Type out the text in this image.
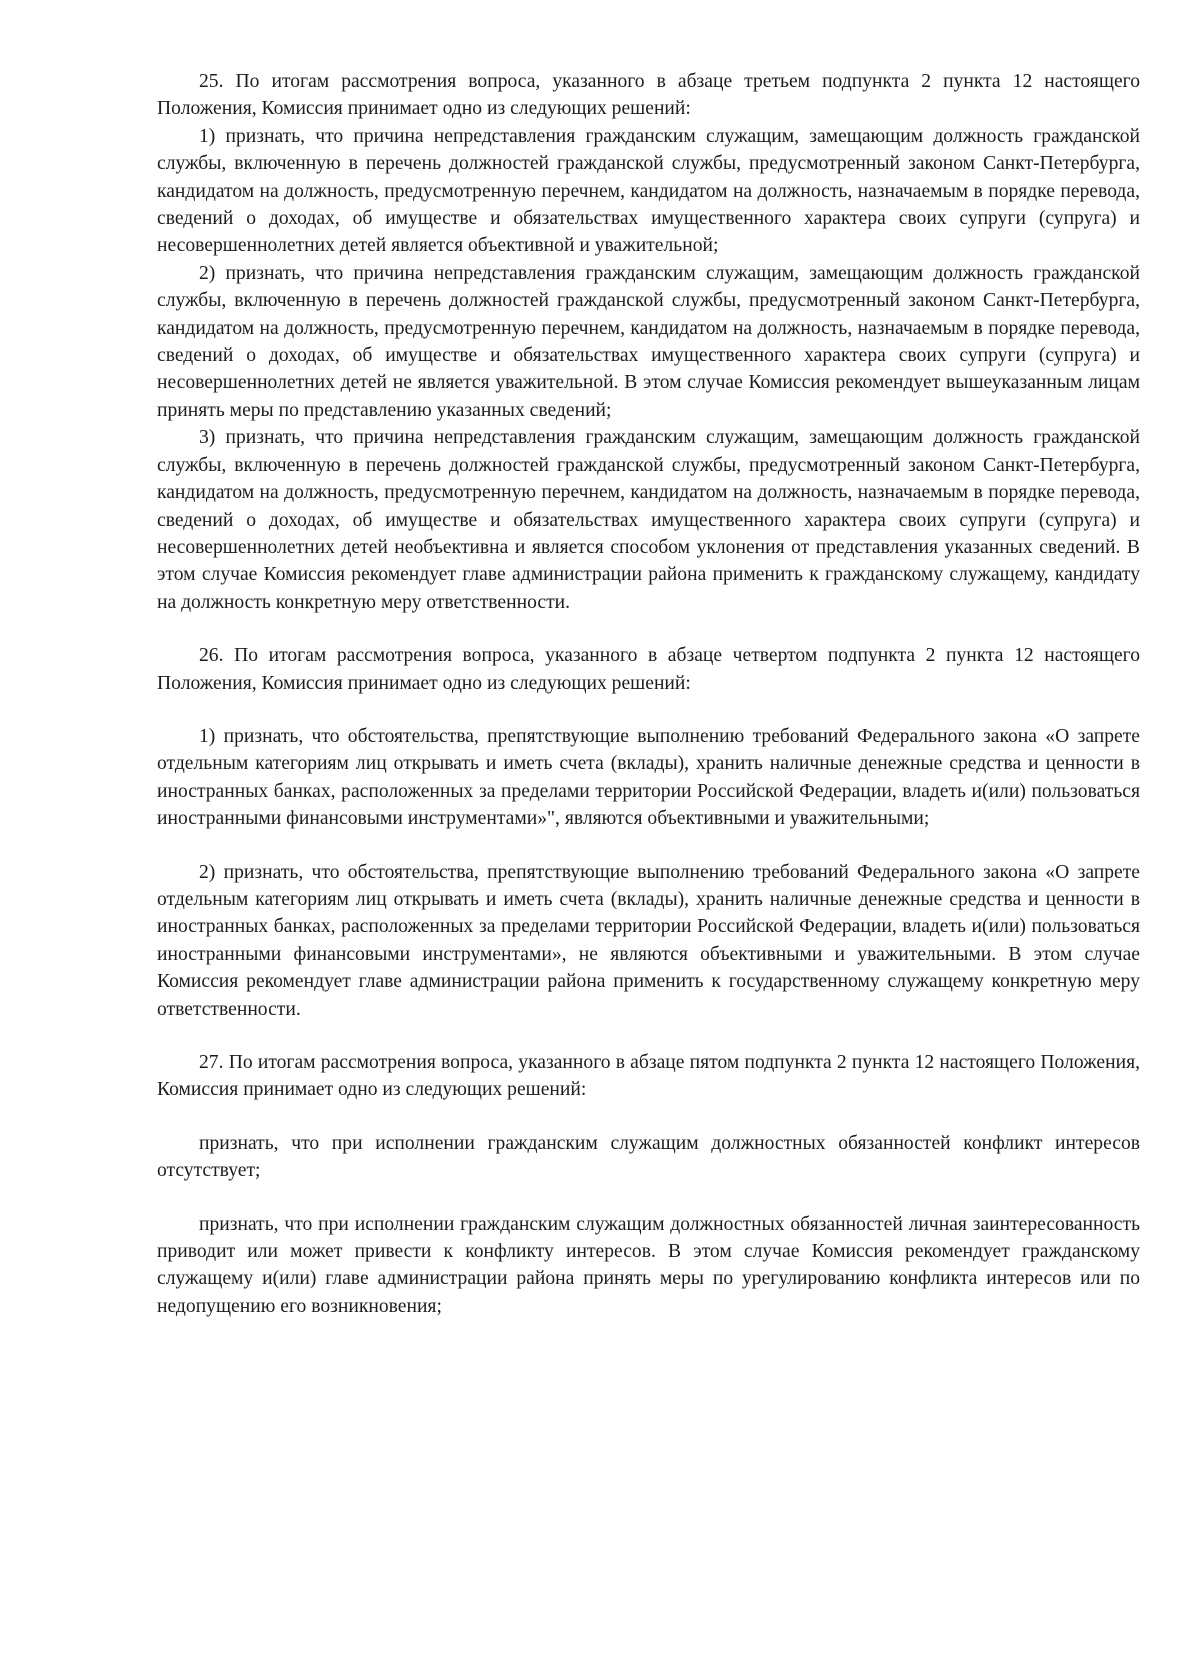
25. По итогам рассмотрения вопроса, указанного в абзаце третьем подпункта 2 пункта 12 настоящего Положения, Комиссия принимает одно из следующих решений:

1) признать, что причина непредставления гражданским служащим, замещающим должность гражданской службы, включенную в перечень должностей гражданской службы, предусмотренный законом Санкт-Петербурга, кандидатом на должность, предусмотренную перечнем, кандидатом на должность, назначаемым в порядке перевода, сведений о доходах, об имуществе и обязательствах имущественного характера своих супруги (супруга) и несовершеннолетних детей является объективной и уважительной;

2) признать, что причина непредставления гражданским служащим, замещающим должность гражданской службы, включенную в перечень должностей гражданской службы, предусмотренный законом Санкт-Петербурга, кандидатом на должность, предусмотренную перечнем, кандидатом на должность, назначаемым в порядке перевода, сведений о доходах, об имуществе и обязательствах имущественного характера своих супруги (супруга) и несовершеннолетних детей не является уважительной. В этом случае Комиссия рекомендует вышеуказанным лицам принять меры по представлению указанных сведений;

3) признать, что причина непредставления гражданским служащим, замещающим должность гражданской службы, включенную в перечень должностей гражданской службы, предусмотренный законом Санкт-Петербурга, кандидатом на должность, предусмотренную перечнем, кандидатом на должность, назначаемым в порядке перевода, сведений о доходах, об имуществе и обязательствах имущественного характера своих супруги (супруга) и несовершеннолетних детей необъективна и является способом уклонения от представления указанных сведений. В этом случае Комиссия рекомендует главе администрации района применить к гражданскому служащему, кандидату на должность конкретную меру ответственности.

26. По итогам рассмотрения вопроса, указанного в абзаце четвертом подпункта 2 пункта 12 настоящего Положения, Комиссия принимает одно из следующих решений:

1) признать, что обстоятельства, препятствующие выполнению требований Федерального закона «О запрете отдельным категориям лиц открывать и иметь счета (вклады), хранить наличные денежные средства и ценности в иностранных банках, расположенных за пределами территории Российской Федерации, владеть и(или) пользоваться иностранными финансовыми инструментами»", являются объективными и уважительными;

2) признать, что обстоятельства, препятствующие выполнению требований Федерального закона «О запрете отдельным категориям лиц открывать и иметь счета (вклады), хранить наличные денежные средства и ценности в иностранных банках, расположенных за пределами территории Российской Федерации, владеть и(или) пользоваться иностранными финансовыми инструментами», не являются объективными и уважительными. В этом случае Комиссия рекомендует главе администрации района применить к государственному служащему конкретную меру ответственности.

27. По итогам рассмотрения вопроса, указанного в абзаце пятом подпункта 2 пункта 12 настоящего Положения, Комиссия принимает одно из следующих решений:

признать, что при исполнении гражданским служащим должностных обязанностей конфликт интересов отсутствует;

признать, что при исполнении гражданским служащим должностных обязанностей личная заинтересованность приводит или может привести к конфликту интересов. В этом случае Комиссия рекомендует гражданскому служащему и(или) главе администрации района принять меры по урегулированию конфликта интересов или по недопущению его возникновения;
